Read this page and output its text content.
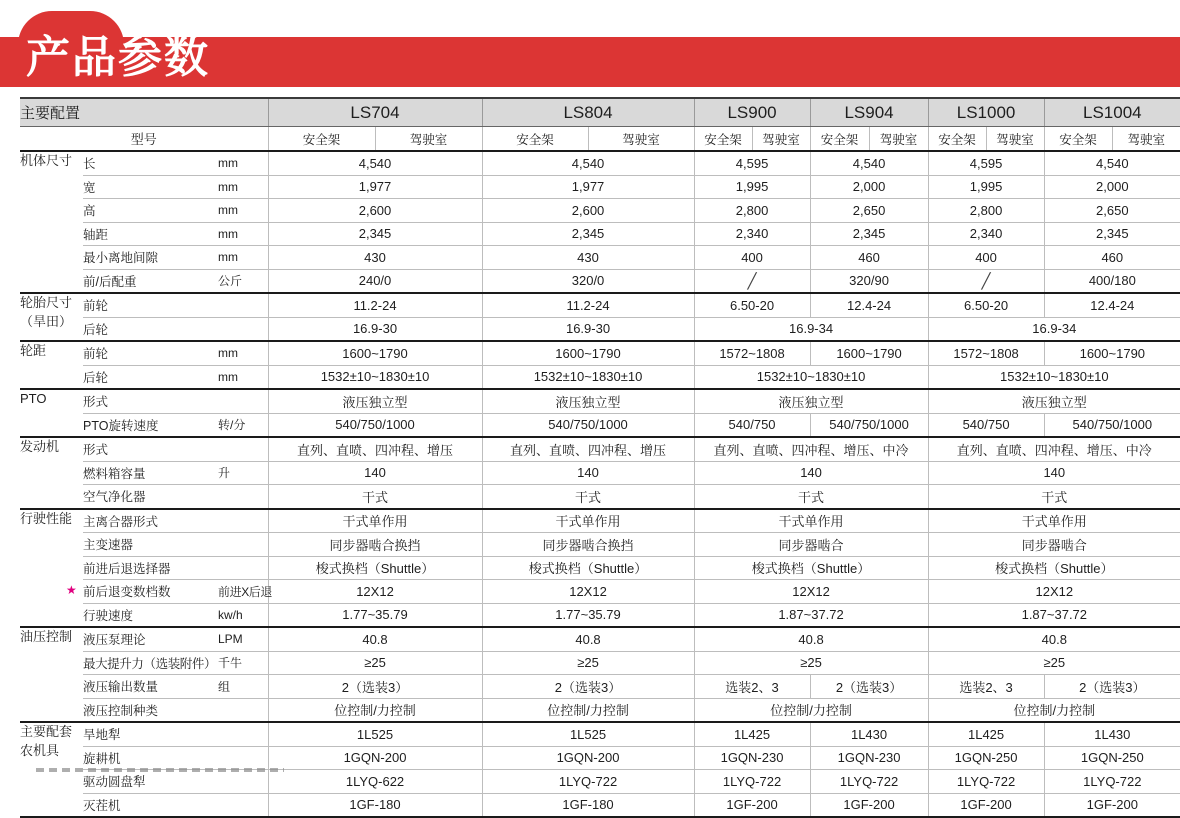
产品参数
主要配置			LS704		LS804		LS900		LS904		LS1000		LS1004	
型号			安全架	驾驶室	安全架	驾驶室	安全架	驾驶室	安全架	驾驶室	安全架	驾驶室	安全架	驾驶室
机体尺寸	长	mm	4,540		4,540		4,595		4,540		4,595		4,540	
	宽	mm	1,977		1,977		1,995		2,000		1,995		2,000	
	高	mm	2,600		2,600		2,800		2,650		2,800		2,650	
	轴距	mm	2,345		2,345		2,340		2,345		2,340		2,345	
	最小离地间隙	mm	430		430		400		460		400		460	
	前/后配重	公斤	240/0		320/0		╱		320/90		╱		400/180	
轮胎尺寸
（旱田）	前轮		11.2-24		11.2-24		6.50-20		12.4-24		6.50-20		12.4-24	
	后轮		16.9-30		16.9-30		16.9-34				16.9-34			
轮距	前轮	mm	1600~1790		1600~1790		1572~1808		1600~1790		1572~1808		1600~1790	
	后轮	mm	1532±10~1830±10		1532±10~1830±10		1532±10~1830±10				1532±10~1830±10			
PTO	形式		液压独立型		液压独立型		液压独立型				液压独立型			
	PTO旋转速度	转/分	540/750/1000		540/750/1000		540/750		540/750/1000		540/750		540/750/1000	
发动机	形式		直列、直喷、四冲程、增压		直列、直喷、四冲程、增压		直列、直喷、四冲程、增压、中冷				直列、直喷、四冲程、增压、中冷			
	燃料箱容量	升	140		140		140				140			
	空气净化器		干式		干式		干式				干式			
行驶性能	主离合器形式		干式单作用		干式单作用		干式单作用				干式单作用			
	主变速器		同步器啮合换挡		同步器啮合换挡		同步器啮合				同步器啮合			
	前进后退选择器		梭式换档（Shuttle）		梭式换档（Shuttle）		梭式换档（Shuttle）				梭式换档（Shuttle）			

	★ 前后退变数档数	前进X后退	12X12		12X12		12X12				12X12			
	行驶速度	kw/h	1.77~35.79		1.77~35.79		1.87~37.72				1.87~37.72			
油压控制	液压泵理论	LPM	40.8		40.8		40.8				40.8			
	最大提升力（选装附件）	千牛	≥25		≥25		≥25				≥25			
	液压输出数量	组	2（选装3）		2（选装3）		选装2、3		2（选装3）		选装2、3		2（选装3）	
	液压控制种类		位控制/力控制		位控制/力控制		位控制/力控制				位控制/力控制			
主要配套
农机具	旱地犁		1L525		1L525		1L425		1L430		1L425		1L430	
	旋耕机		1GQN-200		1GQN-200		1GQN-230		1GQN-230		1GQN-250		1GQN-250	
	驱动圆盘犁		1LYQ-622		1LYQ-722		1LYQ-722		1LYQ-722		1LYQ-722		1LYQ-722	
	灭茬机		1GF-180		1GF-180		1GF-200		1GF-200		1GF-200		1GF-200	
